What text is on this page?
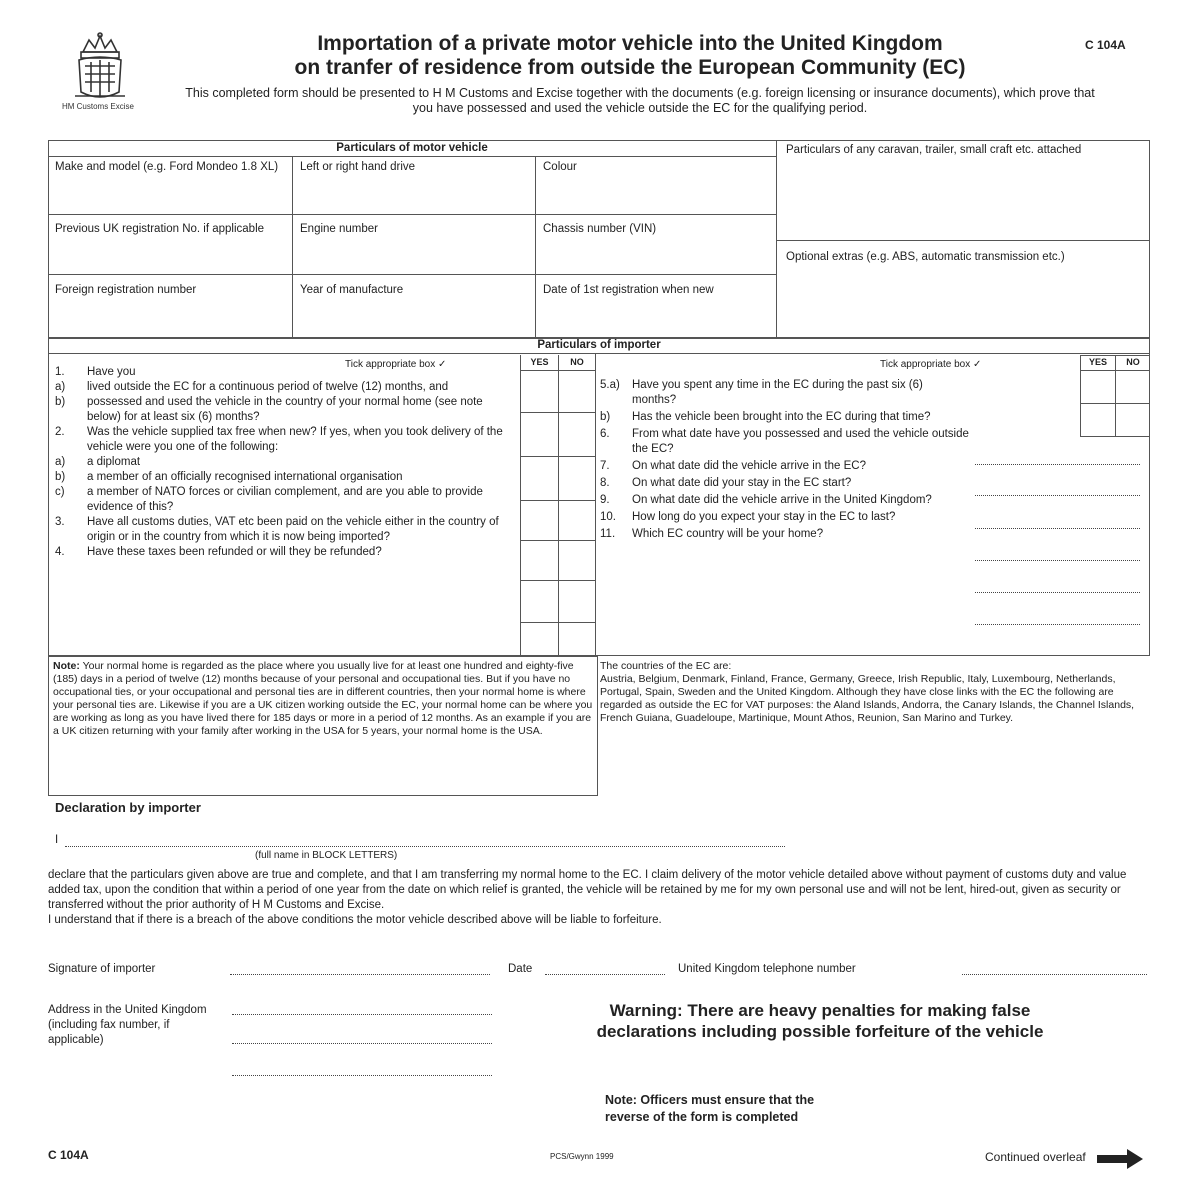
HM Customs Excise
Importation of a private motor vehicle into the United Kingdom
on tranfer of residence from outside the European Community (EC)
C 104A
This completed form should be presented to H M Customs and Excise together with the documents (e.g. foreign licensing or insurance documents), which prove that you have possessed and used the vehicle outside the EC for the qualifying period.
Particulars of motor vehicle
Make and model (e.g. Ford Mondeo 1.8 XL)	Left or right hand drive	Colour
Previous UK registration No. if applicable	Engine number	Chassis number (VIN)
Foreign registration number	Year of manufacture	Date of 1st registration when new
Particulars of any caravan, trailer, small craft etc. attached
Optional extras (e.g. ABS, automatic transmission etc.)
Particulars of importer
Tick appropriate box ✓	YES	NO
1.	Have you
a)	lived outside the EC for a continuous period of twelve (12) months, and
b)	possessed and used the vehicle in the country of your normal home (see note below) for at least six (6) months?
2.	Was the vehicle supplied tax free when new? If yes, when you took delivery of the vehicle were you one of the following:
a)	a diplomat
b)	a member of an officially recognised international organisation
c)	a member of NATO forces or civilian complement, and are you able to provide evidence of this?
3.	Have all customs duties, VAT etc been paid on the vehicle either in the country of origin or in the country from which it is now being imported?
4.	Have these taxes been refunded or will they be refunded?
Tick appropriate box ✓	YES	NO
5.a)	Have you spent any time in the EC during the past six (6) months?
b)	Has the vehicle been brought into the EC during that time?
6.	From what date have you possessed and used the vehicle outside the EC?
7.	On what date did the vehicle arrive in the EC?
8.	On what date did your stay in the EC start?
9.	On what date did the vehicle arrive in the United Kingdom?
10.	How long do you expect your stay in the EC to last?
11.	Which EC country will be your home?
Note: Your normal home is regarded as the place where you usually live for at least one hundred and eighty-five (185) days in a period of twelve (12) months because of your personal and occupational ties. But if you have no occupational ties, or your occupational and personal ties are in different countries, then your normal home is where your personal ties are. Likewise if you are a UK citizen working outside the EC, your normal home can be where you are working as long as you have lived there for 185 days or more in a period of 12 months. As an example if you are a UK citizen returning with your family after working in the USA for 5 years, your normal home is the USA.
The countries of the EC are:
Austria, Belgium, Denmark, Finland, France, Germany, Greece, Irish Republic, Italy, Luxembourg, Netherlands, Portugal, Spain, Sweden and the United Kingdom. Although they have close links with the EC the following are regarded as outside the EC for VAT purposes: the Aland Islands, Andorra, the Canary Islands, the Channel Islands, French Guiana, Guadeloupe, Martinique, Mount Athos, Reunion, San Marino and Turkey.
Declaration by importer
I
(full name in BLOCK LETTERS)
declare that the particulars given above are true and complete, and that I am transferring my normal home to the EC. I claim delivery of the motor vehicle detailed above without payment of customs duty and value added tax, upon the condition that within a period of one year from the date on which relief is granted, the vehicle will be retained by me for my own personal use and will not be lent, hired-out, given as security or transferred without the prior authority of H M Customs and Excise.
I understand that if there is a breach of the above conditions the motor vehicle described above will be liable to forfeiture.
Signature of importer	Date	United Kingdom telephone number
Address in the United Kingdom (including fax number, if applicable)
Warning: There are heavy penalties for making false
declarations including possible forfeiture of the vehicle
Note: Officers must ensure that the
reverse of the form is completed
C 104A	PCS/Gwynn 1999	Continued overleaf
